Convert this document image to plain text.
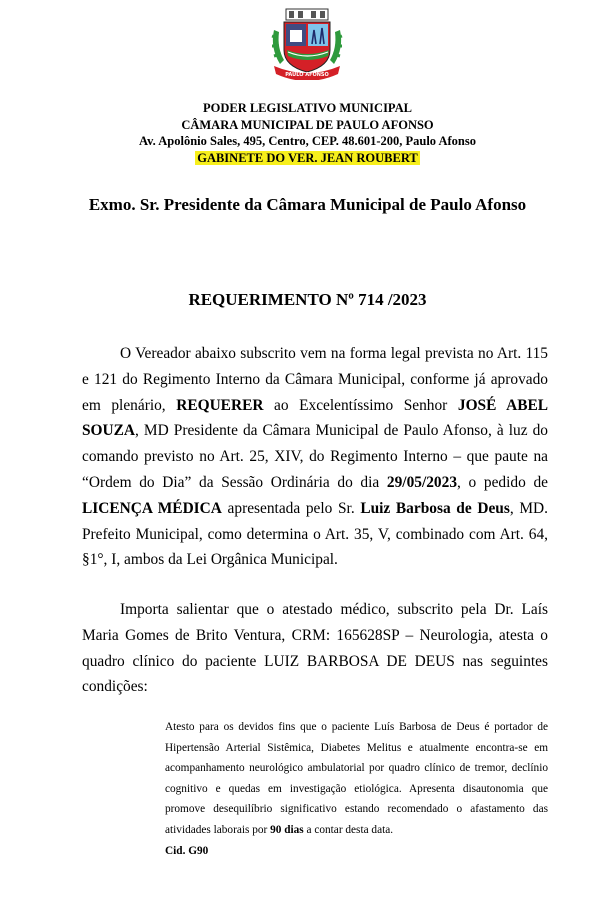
PAULO AFONSO
PODER LEGISLATIVO MUNICIPAL
CÂMARA MUNICIPAL DE PAULO AFONSO
Av. Apolônio Sales, 495, Centro, CEP. 48.601-200, Paulo Afonso
GABINETE DO VER. JEAN ROUBERT
Exmo. Sr. Presidente da Câmara Municipal de Paulo Afonso
REQUERIMENTO Nº 714 /2023
O Vereador abaixo subscrito vem na forma legal prevista no Art. 115 e 121 do Regimento Interno da Câmara Municipal, conforme já aprovado em plenário, REQUERER ao Excelentíssimo Senhor JOSÉ ABEL SOUZA, MD Presidente da Câmara Municipal de Paulo Afonso, à luz do comando previsto no Art. 25, XIV, do Regimento Interno – que paute na “Ordem do Dia” da Sessão Ordinária do dia 29/05/2023, o pedido de LICENÇA MÉDICA apresentada pelo Sr. Luiz Barbosa de Deus, MD. Prefeito Municipal, como determina o Art. 35, V, combinado com Art. 64, §1°, I, ambos da Lei Orgânica Municipal.
Importa salientar que o atestado médico, subscrito pela Dr. Laís Maria Gomes de Brito Ventura, CRM: 165628SP – Neurologia, atesta o quadro clínico do paciente LUIZ BARBOSA DE DEUS nas seguintes condições:
Atesto para os devidos fins que o paciente Luís Barbosa de Deus é portador de Hipertensão Arterial Sistêmica, Diabetes Melitus e atualmente encontra-se em acompanhamento neurológico ambulatorial por quadro clínico de tremor, declínio cognitivo e quedas em investigação etiológica. Apresenta disautonomia que promove desequilíbrio significativo estando recomendado o afastamento das atividades laborais por 90 dias a contar desta data.
Cid. G90
